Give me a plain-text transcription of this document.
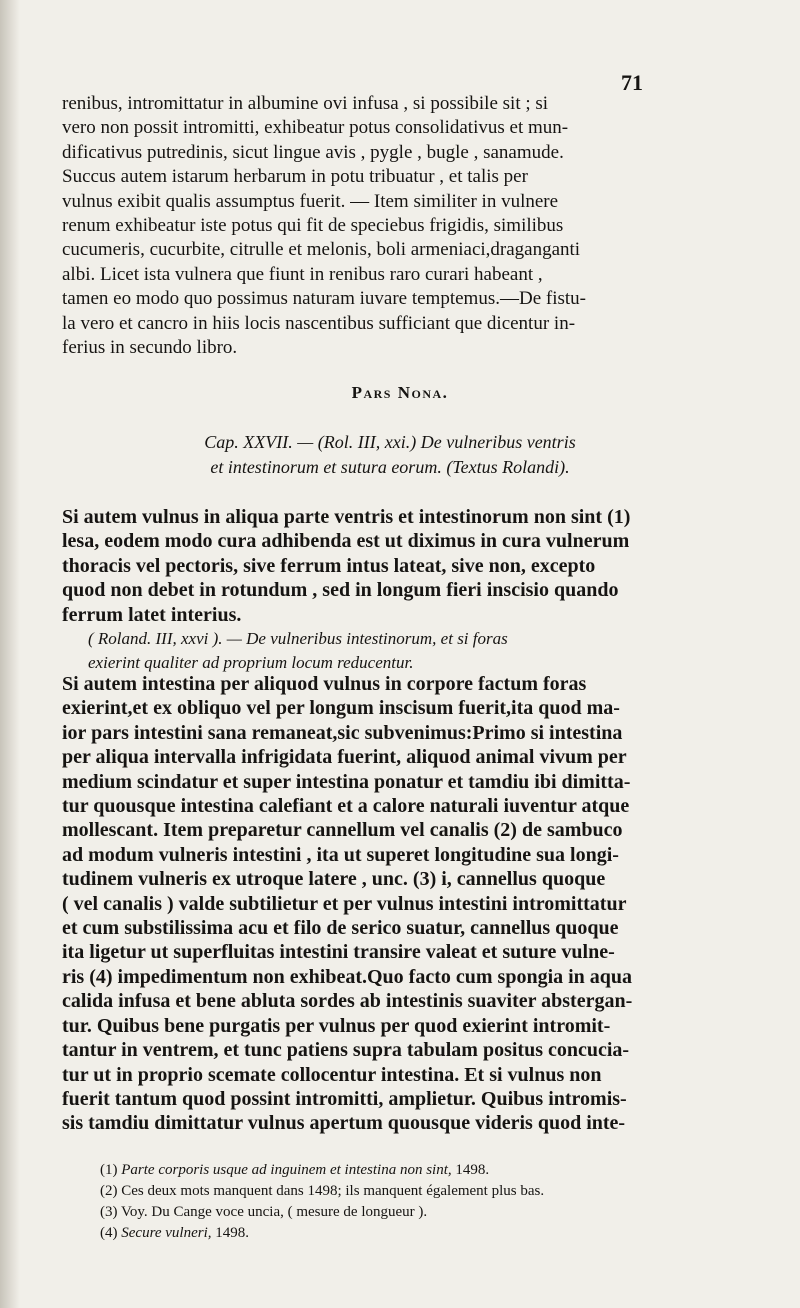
71

renibus, intromittatur in albumine ovi infusa , si possibile sit ; si
vero non possit intromitti, exhibeatur potus consolidativus et mun-
dificativus putredinis, sicut lingue avis , pygle , bugle , sanamude.
Succus autem istarum herbarum in potu tribuatur , et talis per
vulnus exibit qualis assumptus fuerit. — Item similiter in vulnere
renum exhibeatur iste potus qui fit de speciebus frigidis, similibus
cucumeris, cucurbite, citrulle et melonis, boli armeniaci,draganganti
albi. Licet ista vulnera que fiunt in renibus raro curari habeant ,
tamen eo modo quo possimus naturam iuvare temptemus.—De fistu-
la vero et cancro in hiis locis nascentibus sufficiant que dicentur in-
ferius in secundo libro.

Pars Nona.
Cap. XXVII. — (Rol. III, xxi.) De vulneribus ventris
et intestinorum et sutura eorum. (Textus Rolandi).

Si autem vulnus in aliqua parte ventris et intestinorum non sint (1)
lesa, eodem modo cura adhibenda est ut diximus in cura vulnerum
thoracis vel pectoris, sive ferrum intus lateat, sive non, excepto
quod non debet in rotundum , sed in longum fieri inscisio quando
ferrum latet interius.

( Roland. III, xxvi ). — De vulneribus intestinorum, et si foras
exierint qualiter ad proprium locum reducentur.

Si autem intestina per aliquod vulnus in corpore factum foras
exierint,et ex obliquo vel per longum inscisum fuerit,ita quod ma-
ior pars intestini sana remaneat,sic subvenimus:Primo si intestina
per aliqua intervalla infrigidata fuerint, aliquod animal vivum per
medium scindatur et super intestina ponatur et tamdiu ibi dimitta-
tur quousque intestina calefiant et a calore naturali iuventur atque
mollescant. Item preparetur cannellum vel canalis (2) de sambuco
ad modum vulneris intestini , ita ut superet longitudine sua longi-
tudinem vulneris ex utroque latere , unc. (3) i, cannellus quoque
( vel canalis ) valde subtilietur et per vulnus intestini intromittatur
et cum substilissima acu et filo de serico suatur, cannellus quoque
ita ligetur ut superfluitas intestini transire valeat et suture vulne-
ris (4) impedimentum non exhibeat.Quo facto cum spongia in aqua
calida infusa et bene abluta sordes ab intestinis suaviter abstergan-
tur. Quibus bene purgatis per vulnus per quod exierint intromit-
tantur in ventrem, et tunc patiens supra tabulam positus concucia-
tur ut in proprio scemate collocentur intestina. Et si vulnus non
fuerit tantum quod possint intromitti, amplietur. Quibus intromis-
sis tamdiu dimittatur vulnus apertum quousque videris quod inte-

(1) Parte corporis usque ad inguinem et intestina non sint, 1498.
(2) Ces deux mots manquent dans 1498; ils manquent également plus bas.
(3) Voy. Du Cange voce uncia, ( mesure de longueur ).
(4) Secure vulneri, 1498.
